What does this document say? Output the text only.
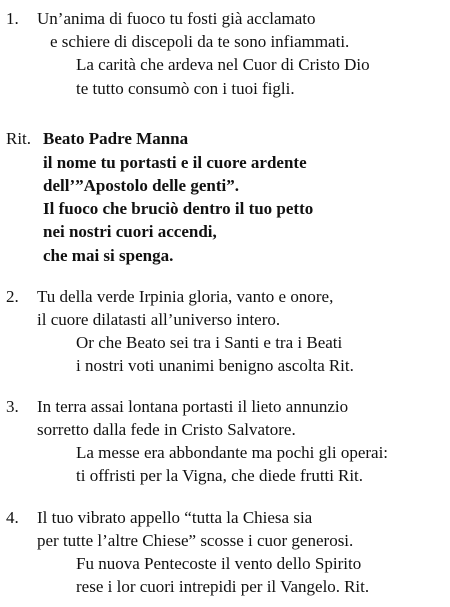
1. Un’anima di fuoco tu fosti già acclamato
e schiere di discepoli da te sono infiammati.
La carità che ardeva nel Cuor di Cristo Dio
te tutto consumò con i tuoi figli.
Rit. Beato Padre Manna
il nome tu portasti e il cuore ardente
dell’”Apostolo delle genti”.
Il fuoco che bruciò dentro il tuo petto
nei nostri cuori accendi,
che mai si spenga.
2. Tu della verde Irpinia gloria, vanto e onore,
il cuore dilatasti all’universo intero.
Or che Beato sei tra i Santi e tra i Beati
i nostri voti unanimi benigno ascolta Rit.
3. In terra assai lontana portasti il lieto annunzio
sorretto dalla fede in Cristo Salvatore.
La messe era abbondante ma pochi gli operai:
ti offristi per la Vigna, che diede frutti Rit.
4. Il tuo vibrato appello “tutta la Chiesa sia
per tutte l’altre Chiese” scosse i cuor generosi.
Fu nuova Pentecoste il vento dello Spirito
rese i lor cuori intrepidi per il Vangelo. Rit.
